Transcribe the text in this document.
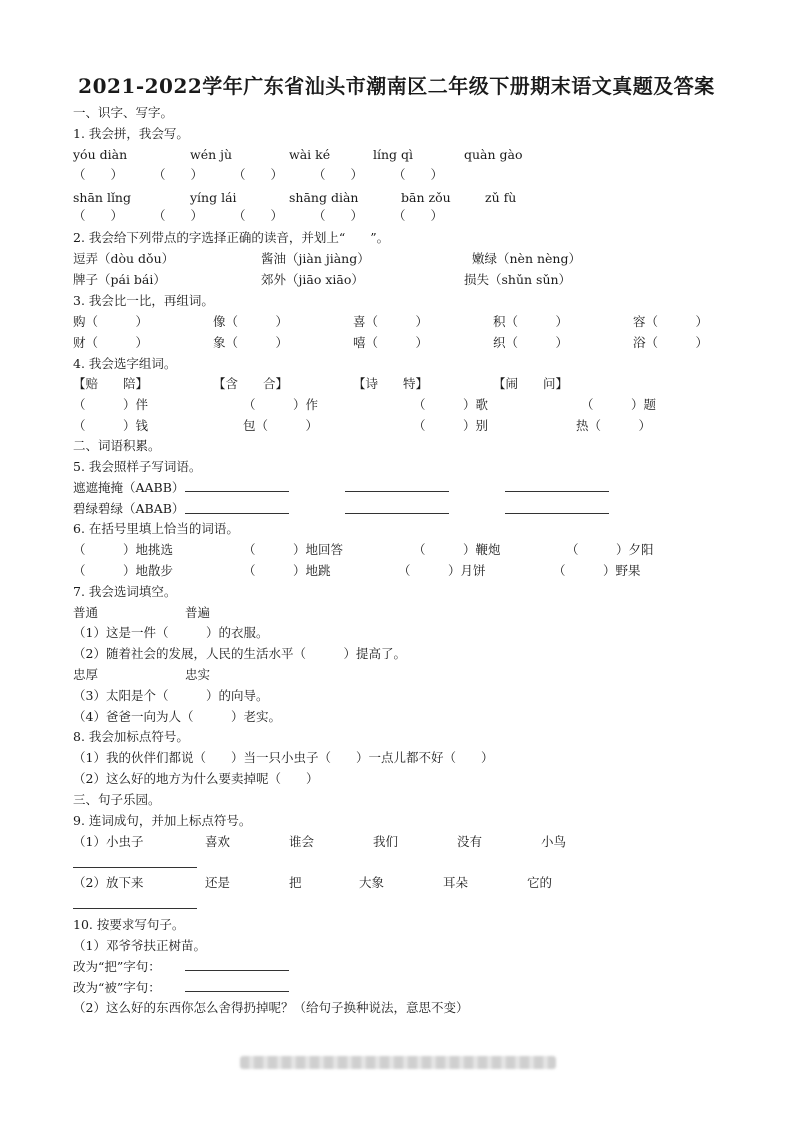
2021-2022学年广东省汕头市潮南区二年级下册期末语文真题及答案
一、识字、写字。
1. 我会拼，我会写。
yóu diàn	wén jù	wài ké	líng qì	quàn gào
（　　） （　　） （　　） （　　） （　　）
shān lǐng	yíng lái	shāng diàn	bān zǒu	zǔ fù
（　　） （　　） （　　） （　　） （　　）
2. 我会给下列带点的字选择正确的读音，并划上“　　”。
逗弄（dòu dǒu）	酱油（jiàn jiàng）	嫩绿（nèn nèng）
牌子（pái bái）	郊外（jiāo xiāo）	损失（shǔn sǔn）
3. 我会比一比，再组词。
购（　　　）	像（　　　）	喜（　　　）	积（　　　）	容（　　　）
财（　　　）	象（　　　）	嘻（　　　）	织（　　　）	浴（　　　）
4. 我会选字组词。
【赔　　陪】	【含　　合】	【诗　　特】	【闹　　问】
（　　　）伴	（　　　）作	（　　　）歌	（　　　）题
（　　　）钱	包（　　　）	（　　　）别	热（　　　）
二、词语积累。
5. 我会照样子写词语。
遮遮掩掩（AABB）
碧绿碧绿（ABAB）
6. 在括号里填上恰当的词语。
（　　　）地挑选	（　　　）地回答	（　　　）鞭炮	（　　　）夕阳
（　　　）地散步	（　　　）地跳	（　　　）月饼	（　　　）野果
7. 我会选词填空。
普通	普遍
（1）这是一件（　　　）的衣服。
（2）随着社会的发展，人民的生活水平（　　　）提高了。
忠厚	忠实
（3）太阳是个（　　　）的向导。
（4）爸爸一向为人（　　　）老实。
8. 我会加标点符号。
（1）我的伙伴们都说（　　）当一只小虫子（　　）一点儿都不好（　　）
（2）这么好的地方为什么要卖掉呢（　　）
三、句子乐园。
9. 连词成句，并加上标点符号。
（1）小虫子	喜欢	谁会	我们	没有	小鸟
（2）放下来	还是	把	大象	耳朵	它的
10. 按要求写句子。
（1）邓爷爷扶正树苗。
改为“把”字句：
改为“被”字句：
（2）这么好的东西你怎么舍得扔掉呢？（给句子换种说法，意思不变）
